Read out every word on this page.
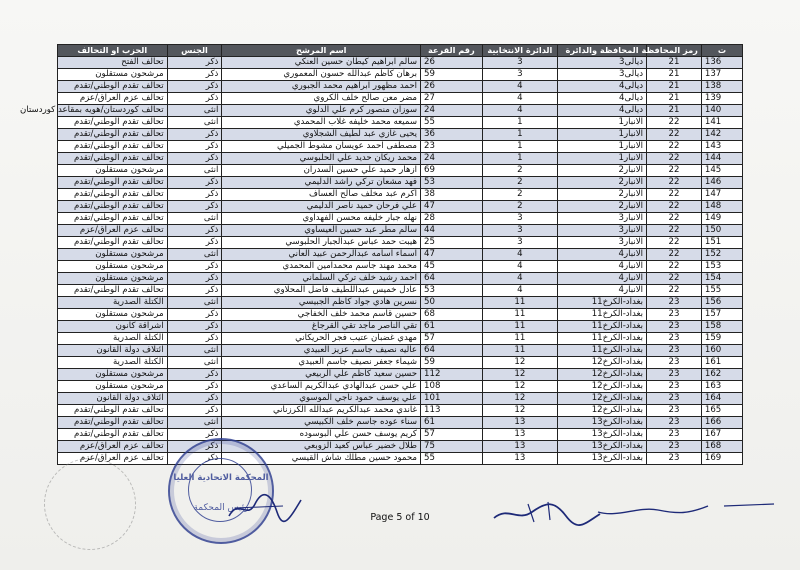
الحزب او التحالف	الجنس	اسم المرشح	رقم القرعة	الدائرة الانتخابية	المحافظة والدائرة	رمز المحافظة	ت
تحالف الفتح	ذكر	سالم ابراهيم كيطان حسين العنكي	26	3	ديالى3	21	136
مرشحون مستقلون	ذكر	برهان كاظم عبدالله حسون المعموري	59	3	ديالى3	21	137
تحالف تقدم الوطني/تقدم	ذكر	احمد مظهور ابراهيم محمد الجبوري	26	4	ديالى4	21	138
تحالف عزم العراق/عزم	ذكر	مضر معن صالح خلف الكروي	27	4	ديالى4	21	139
تحالف كوردستان/هويه بمقاعد كوردستان	انثى	سوزان منصور كرم علي الدلوي	24	4	ديالى4	21	140
تحالف تقدم الوطني/تقدم	انثى	سميعه محمد خليفه غلاب المحمدي	55	1	الانبار1	22	141
تحالف تقدم الوطني/تقدم	ذكر	يحيى غازي عبد لطيف الشجلاوي	36	1	الانبار1	22	142
تحالف تقدم الوطني/تقدم	ذكر	مصطفى احمد عويسان مشوط الجميلي	23	1	الانبار1	22	143
تحالف تقدم الوطني/تقدم	ذكر	محمد ريكان حديد علي الحلبوسي	24	1	الانبار1	22	144
مرشحون مستقلون	انثى	ازهار حميد علي حسين السدران	69	2	الانبار2	22	145
تحالف تقدم الوطني/تقدم	ذكر	فهد مشعان تركي راشد الدليمي	53	2	الانبار2	22	146
تحالف تقدم الوطني/تقدم	ذكر	اكرم عبد مخلف صالح العساف	38	2	الانبار2	22	147
تحالف تقدم الوطني/تقدم	ذكر	علي فرحان حميد ناصر الدليمي	47	2	الانبار2	22	148
تحالف تقدم الوطني/تقدم	انثى	نهله جبار خليفه محسن الفهداوي	28	3	الانبار3	22	149
تحالف عزم العراق/عزم	ذكر	سالم مطر عبد حسين العيساوي	44	3	الانبار3	22	150
تحالف تقدم الوطني/تقدم	ذكر	هيبت حمد عباس عبدالجبار الحلبوسي	25	3	الانبار3	22	151
مرشحون مستقلون	انثى	اسماء اسامه عبدالرحمن عبيد العاني	47	4	الانبار4	22	152
مرشحون مستقلون	ذكر	محمد مهند جاسم محمدامين المحمدي	45	4	الانبار4	22	153
مرشحون مستقلون	ذكر	احمد رشيد خلف تركي السلماني	64	4	الانبار4	22	154
تحالف تقدم الوطني/تقدم	ذكر	عادل خميس عبداللطيف فاضل المحلاوي	53	4	الانبار4	22	155
الكتلة الصدرية	انثى	نسرين هادي جواد كاظم الجبيسي	50	11	بغداد-الكرخ11	23	156
مرشحون مستقلون	ذكر	حسين قاسم محمد خلف الخفاجي	68	11	بغداد-الكرخ11	23	157
اشراقة كانون	ذكر	تقي الناصر ماجد تقي القرجاغ	61	11	بغداد-الكرخ11	23	158
الكتلة الصدرية	ذكر	مهدي غضبان عتيب فجر الحريكاني	57	11	بغداد-الكرخ11	23	159
ائتلاف دولة القانون	انثى	عاليه نصيف جاسم عزيز العبيدي	64	11	بغداد-الكرخ11	23	160
الكتلة الصدرية	انثى	شيماء جعفر نصيف جاسم العبيدي	59	12	بغداد-الكرخ12	23	161
مرشحون مستقلون	ذكر	حسين سعيد كاظم علي الربيعي	112	12	بغداد-الكرخ12	23	162
مرشحون مستقلون	ذكر	علي حسن عبدالهادي عبدالكريم الساعدي	108	12	بغداد-الكرخ12	23	163
ائتلاف دولة القانون	ذكر	علي يوسف حمود ناجي الموسوي	101	12	بغداد-الكرخ12	23	164
تحالف تقدم الوطني/تقدم	ذكر	غاندي محمد عبدالكريم عبدالله الكرزناني	113	12	بغداد-الكرخ12	23	165
تحالف تقدم الوطني/تقدم	انثى	سناء عوده جاسم خلف الكبيسي	61	13	بغداد-الكرخ13	23	166
تحالف تقدم الوطني/تقدم	ذكر	كريم يوسف حسن علي البوسوده	57	13	بغداد-الكرخ13	23	167
تحالف عزم العراق/عزم	ذكر	طلال خضير عباس كعيد الزوبعي	75	13	بغداد-الكرخ13	23	168
تحالف عزم العراق/عزم	ذكر	محمود حسين مطلك شاش القيسي	55	13	بغداد-الكرخ13	23	169
المحكمة الاتحادية العليا
رئيس المحكمة
Page 5 of 10
